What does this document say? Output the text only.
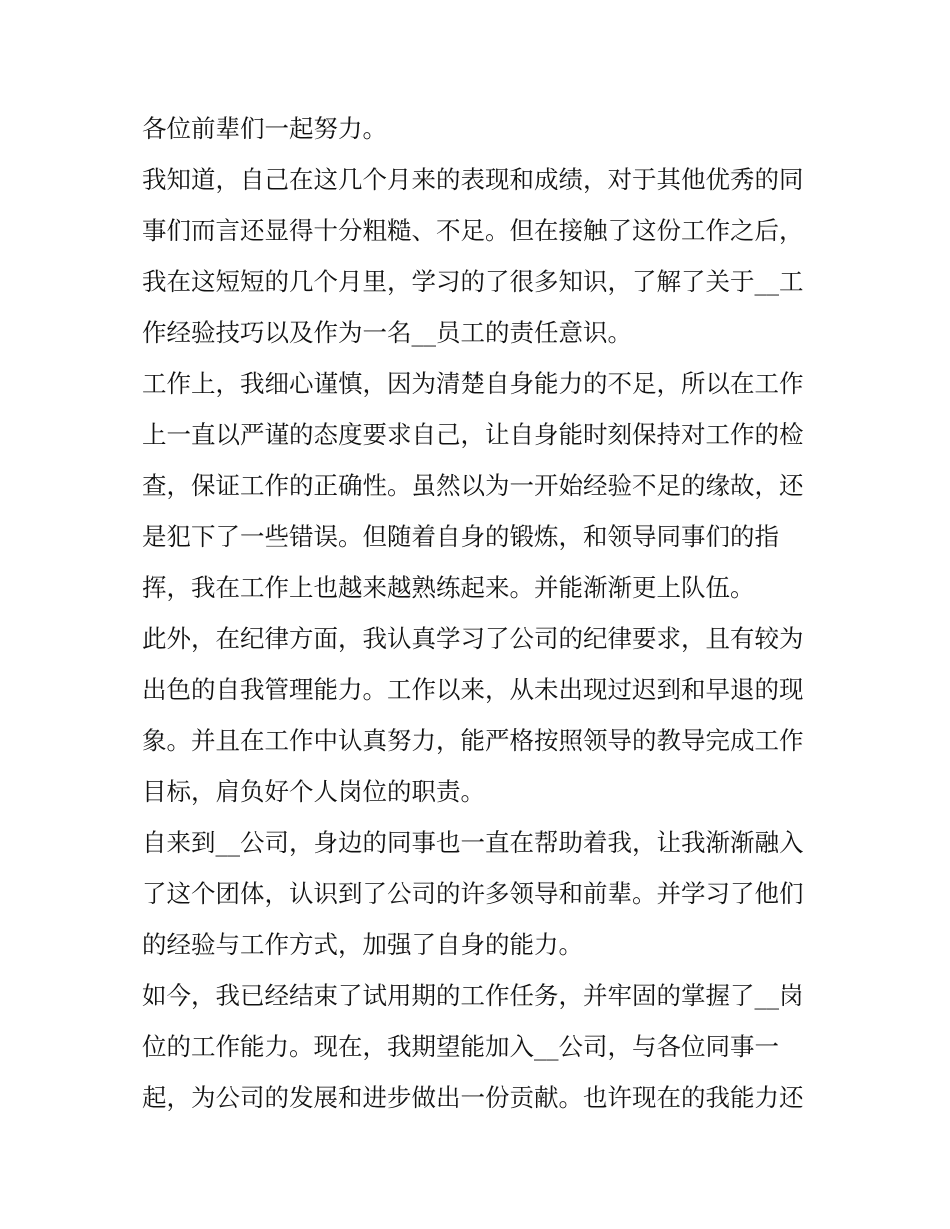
各位前辈们一起努力。
我知道，自己在这几个月来的表现和成绩，对于其他优秀的同
事们而言还显得十分粗糙、不足。但在接触了这份工作之后，
我在这短短的几个月里，学习的了很多知识，了解了关于__工
作经验技巧以及作为一名__员工的责任意识。
工作上，我细心谨慎，因为清楚自身能力的不足，所以在工作
上一直以严谨的态度要求自己，让自身能时刻保持对工作的检
查，保证工作的正确性。虽然以为一开始经验不足的缘故，还
是犯下了一些错误。但随着自身的锻炼，和领导同事们的指
挥，我在工作上也越来越熟练起来。并能渐渐更上队伍。
此外，在纪律方面，我认真学习了公司的纪律要求，且有较为
出色的自我管理能力。工作以来，从未出现过迟到和早退的现
象。并且在工作中认真努力，能严格按照领导的教导完成工作
目标，肩负好个人岗位的职责。
自来到__公司，身边的同事也一直在帮助着我，让我渐渐融入
了这个团体，认识到了公司的许多领导和前辈。并学习了他们
的经验与工作方式，加强了自身的能力。
如今，我已经结束了试用期的工作任务，并牢固的掌握了__岗
位的工作能力。现在，我期望能加入__公司，与各位同事一
起，为公司的发展和进步做出一份贡献。也许现在的我能力还
